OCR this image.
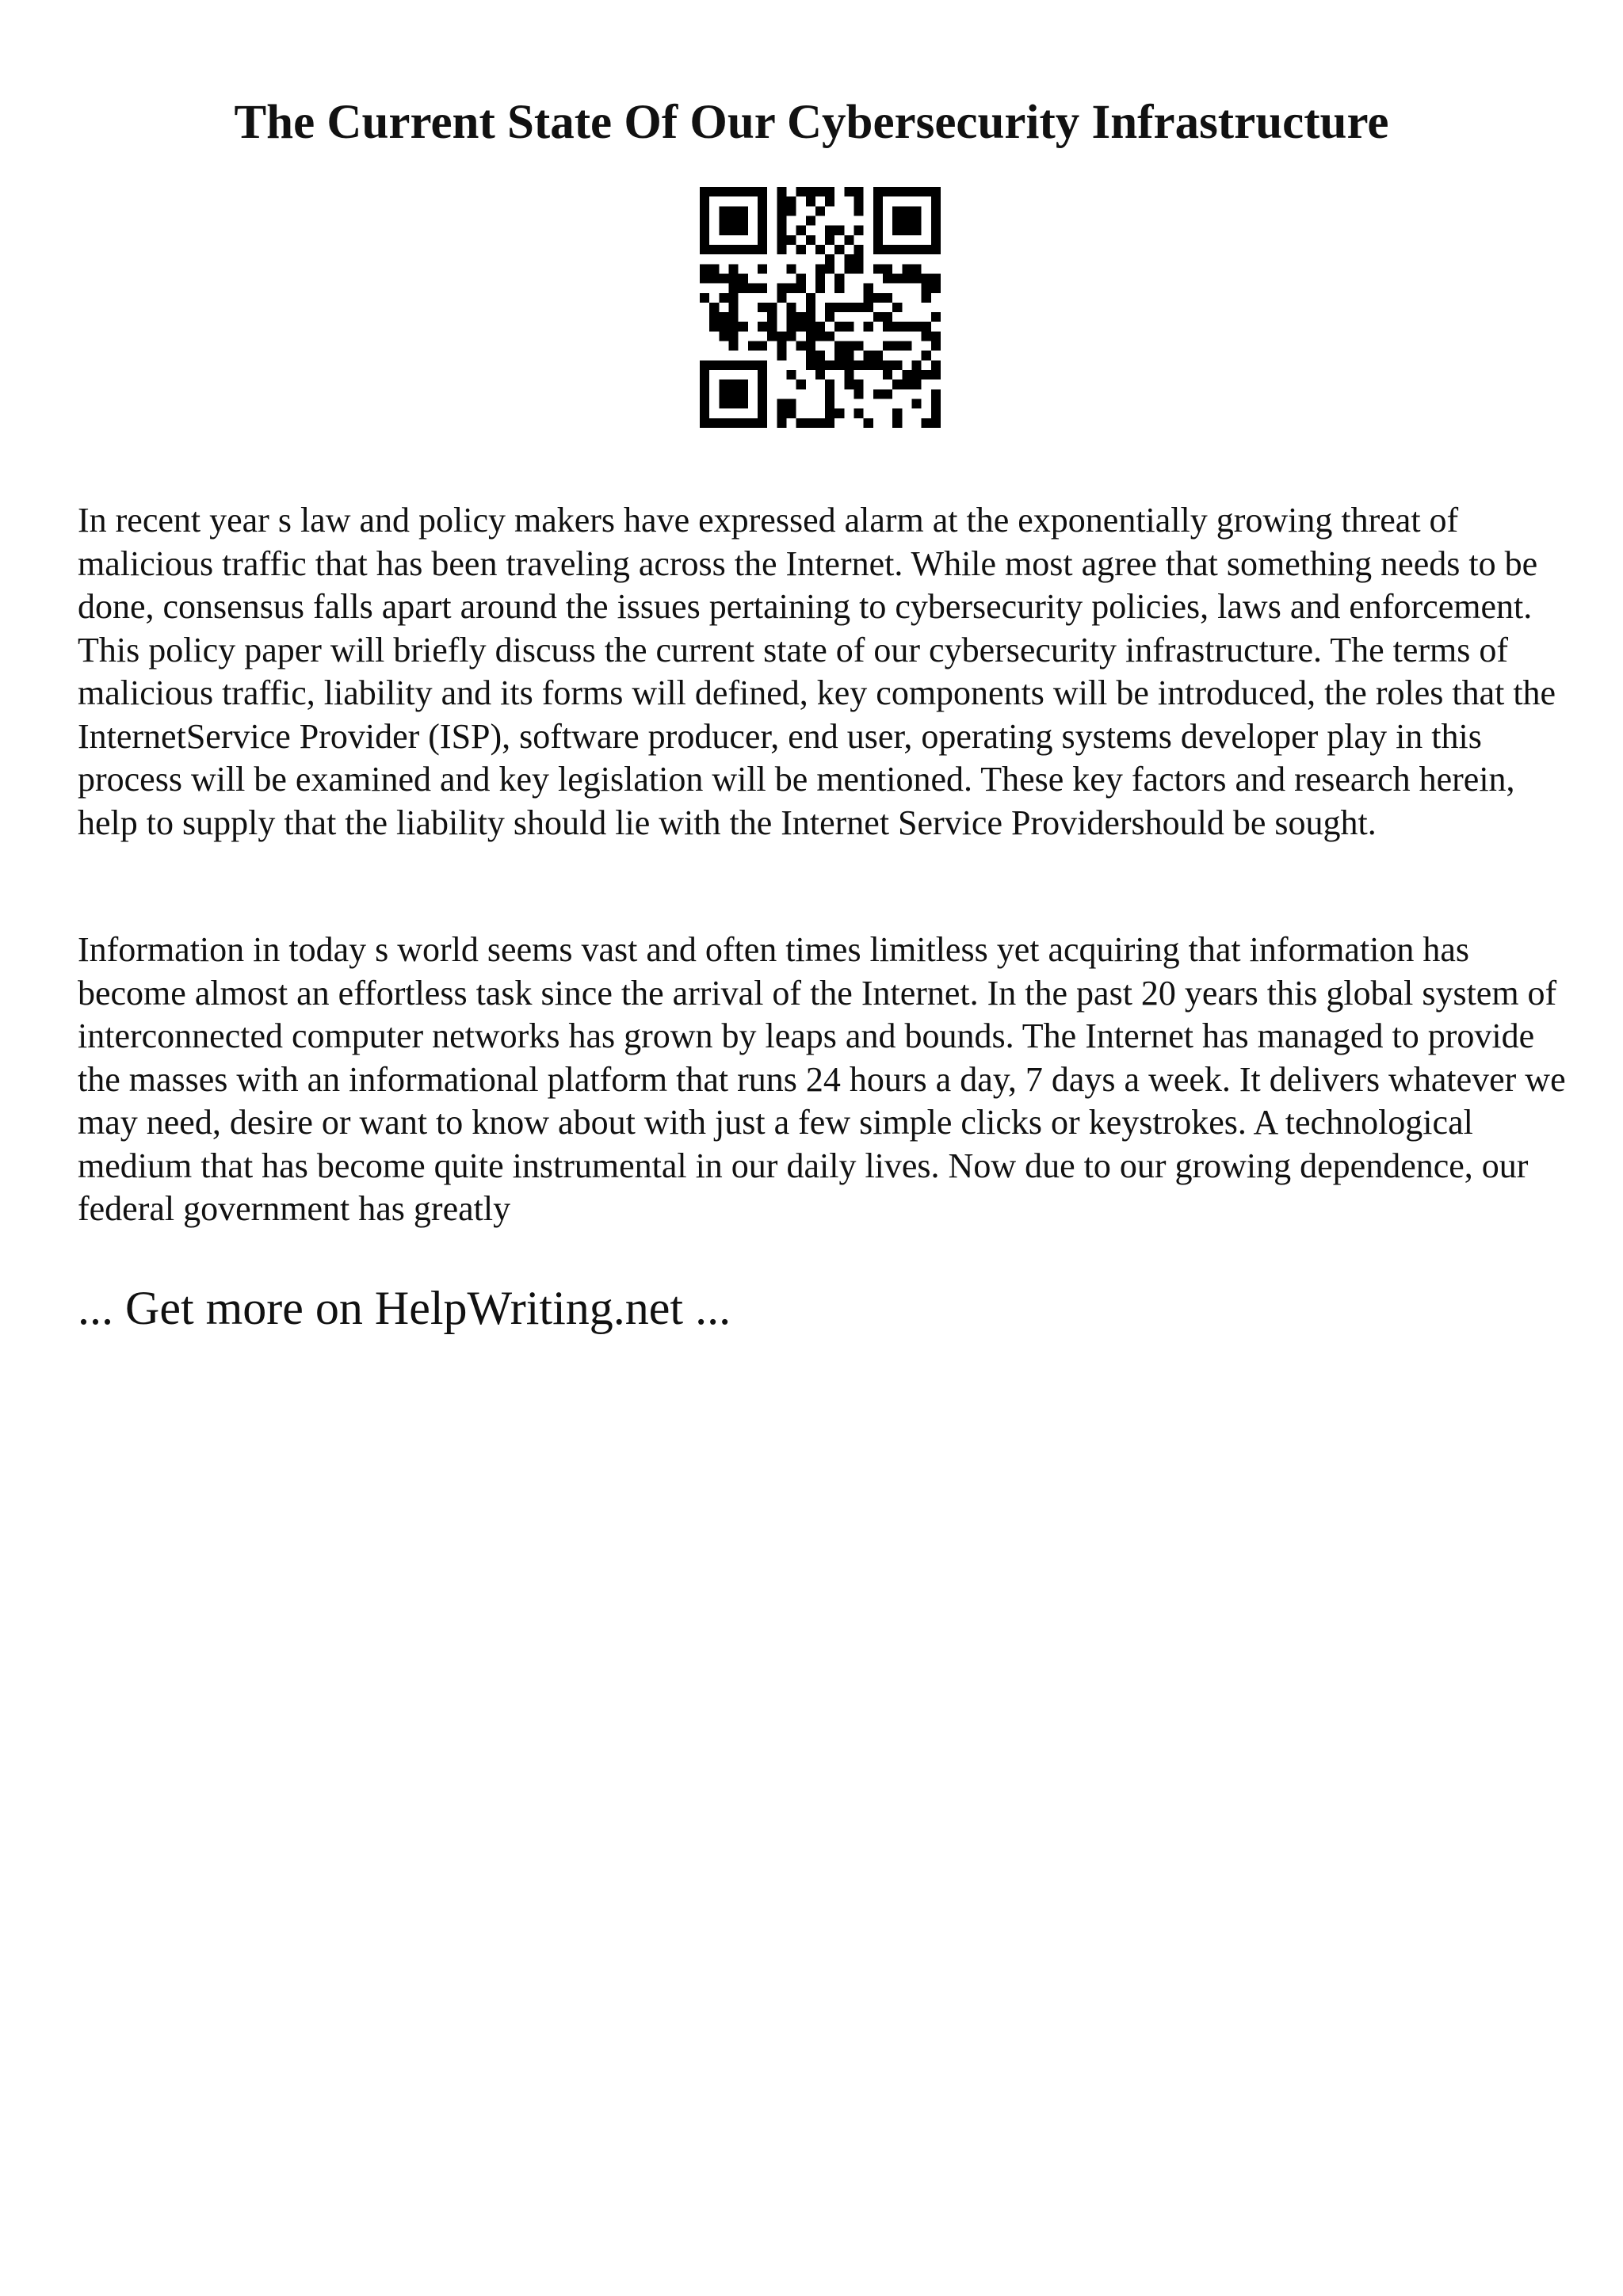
The Current State Of Our Cybersecurity Infrastructure

In recent year s law and policy makers have expressed alarm at the exponentially growing threat of malicious traffic that has been traveling across the Internet. While most agree that something needs to be done, consensus falls apart around the issues pertaining to cybersecurity policies, laws and enforcement. This policy paper will briefly discuss the current state of our cybersecurity infrastructure. The terms of malicious traffic, liability and its forms will defined, key components will be introduced, the roles that the InternetService Provider (ISP), software producer, end user, operating systems developer play in this process will be examined and key legislation will be mentioned. These key factors and research herein, help to supply that the liability should lie with the Internet Service Providershould be sought.

Information in today s world seems vast and often times limitless yet acquiring that information has become almost an effortless task since the arrival of the Internet. In the past 20 years this global system of interconnected computer networks has grown by leaps and bounds. The Internet has managed to provide the masses with an informational platform that runs 24 hours a day, 7 days a week. It delivers whatever we may need, desire or want to know about with just a few simple clicks or keystrokes. A technological medium that has become quite instrumental in our daily lives. Now due to our growing dependence, our federal government has greatly

... Get more on HelpWriting.net ...
